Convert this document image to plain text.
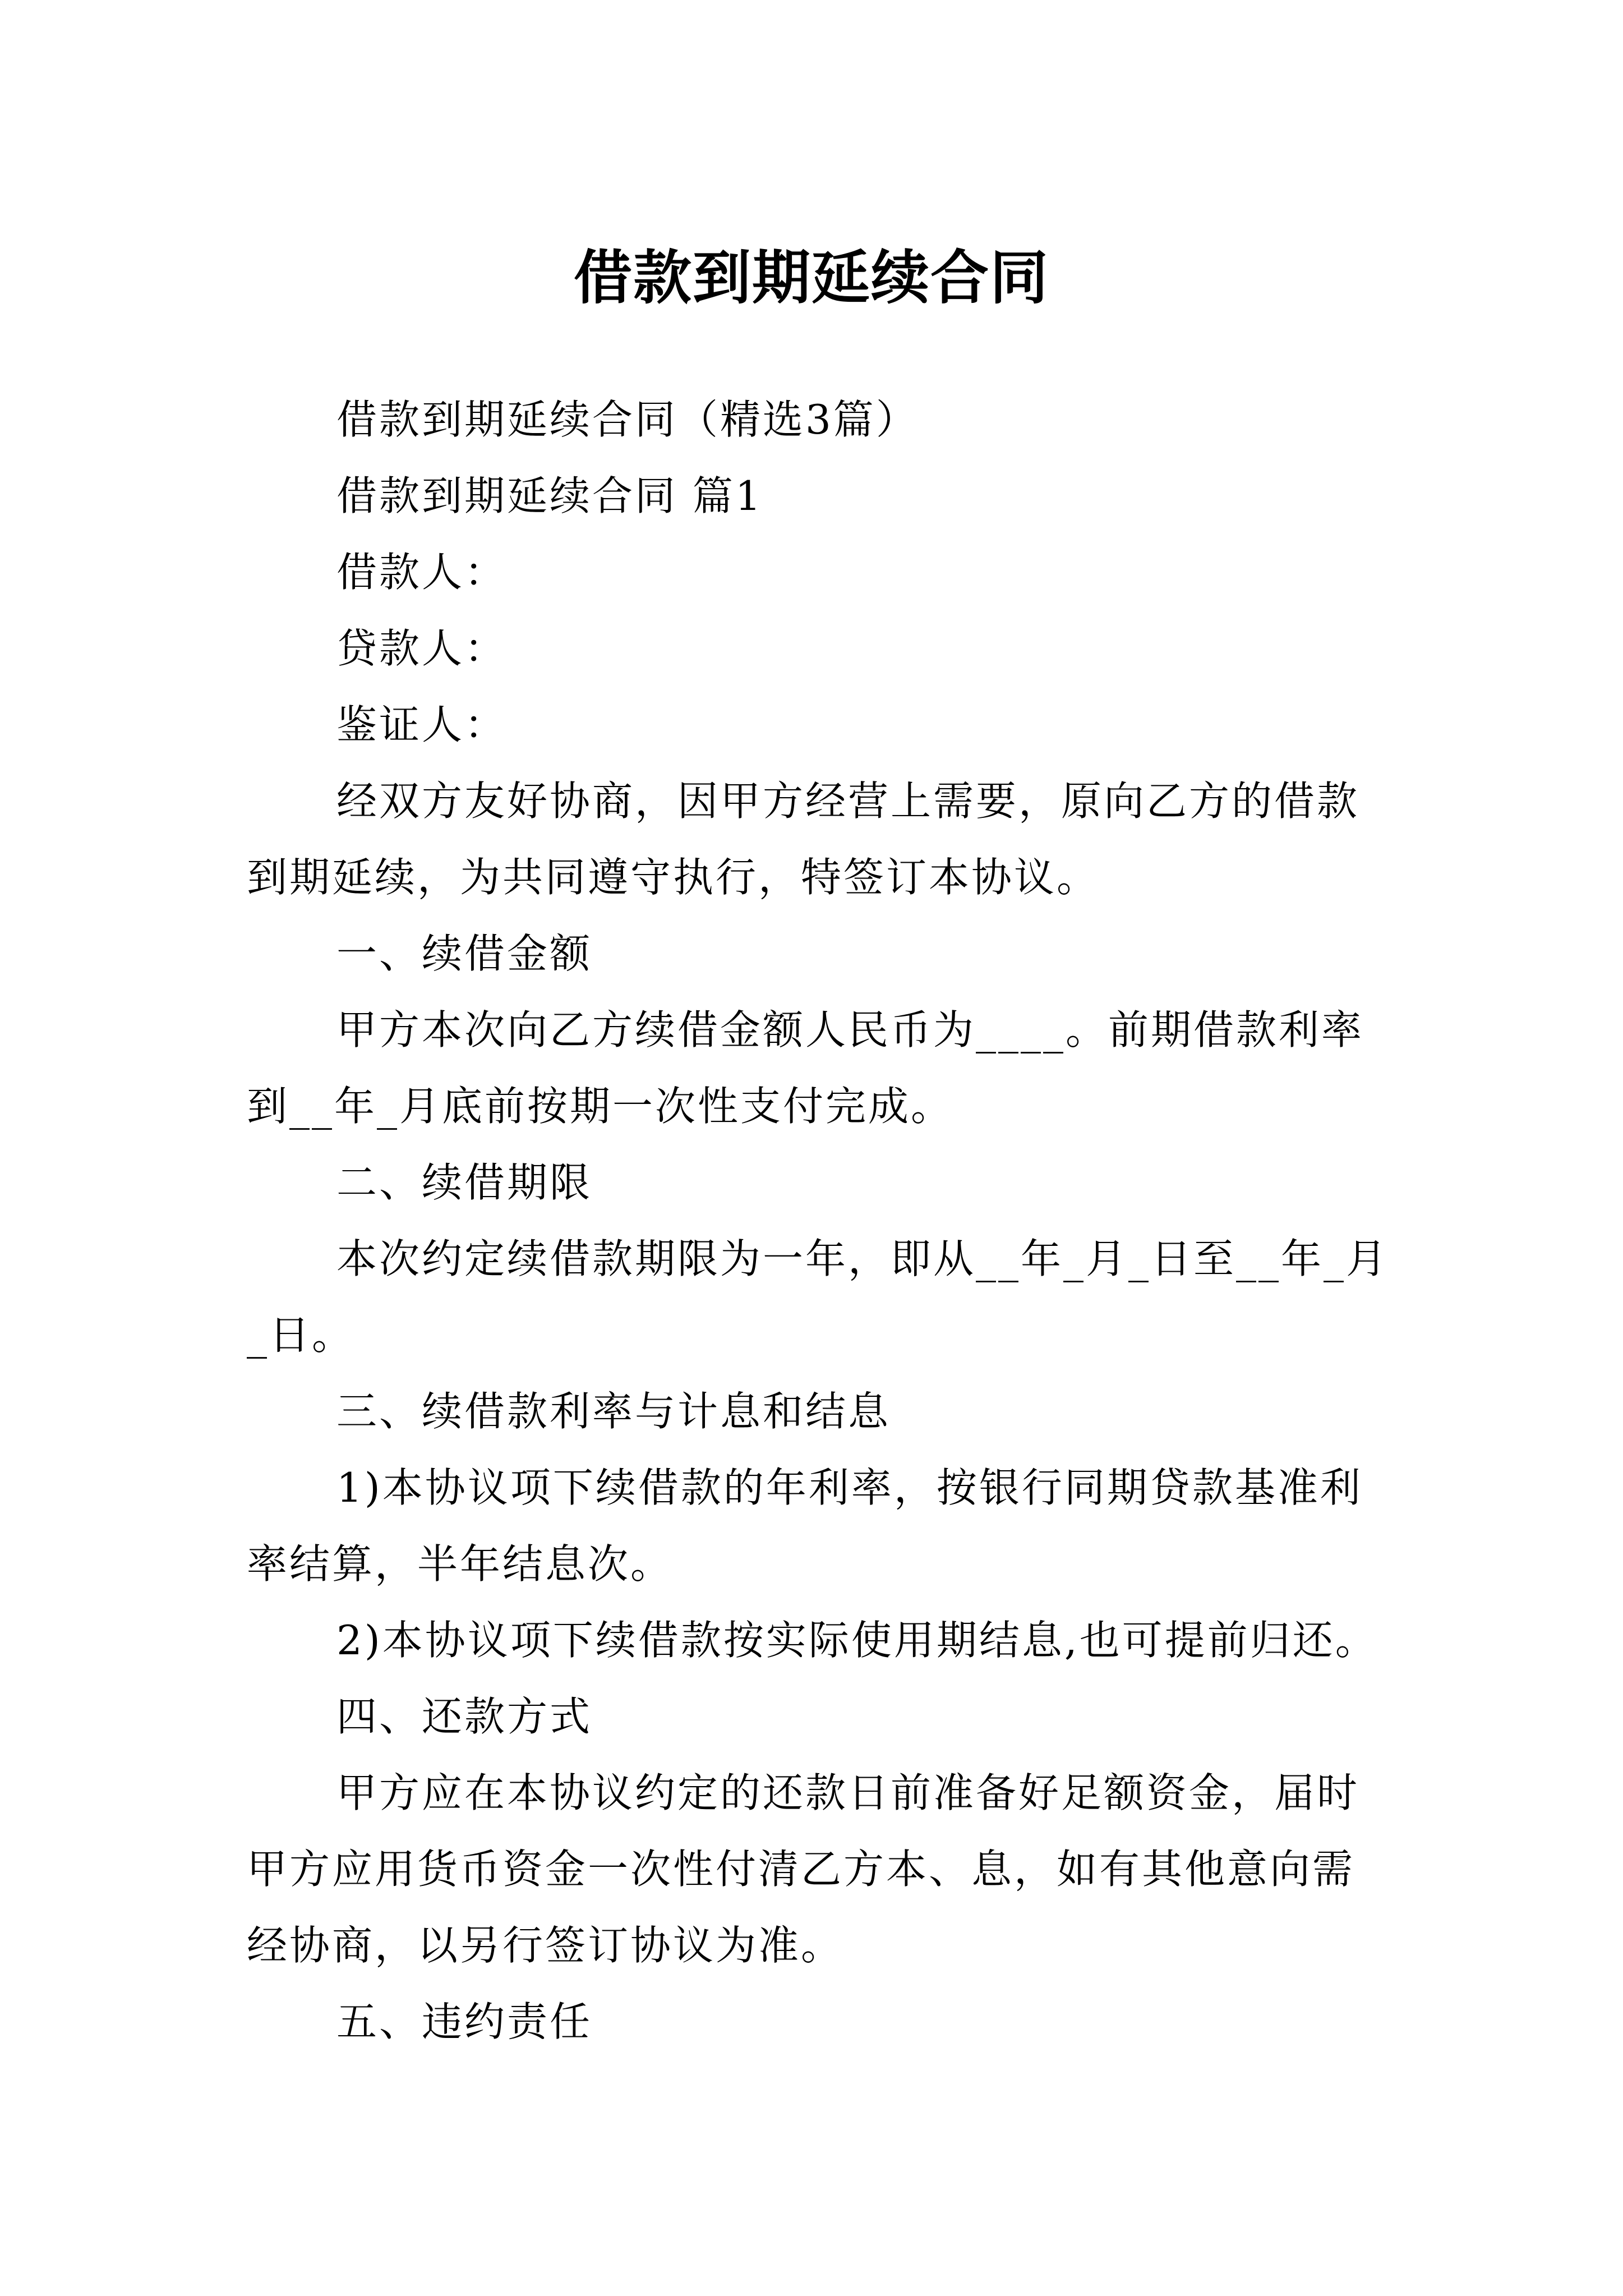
借款到期延续合同

借款到期延续合同（精选3篇）

借款到期延续合同 篇1

借款人：

贷款人：

鉴证人：

经双方友好协商，因甲方经营上需要，原向乙方的借款到期延续，为共同遵守执行，特签订本协议。

一、续借金额

甲方本次向乙方续借金额人民币为____。前期借款利率到__年_月底前按期一次性支付完成。

二、续借期限

本次约定续借款期限为一年，即从__年_月_日至__年_月_日。

三、续借款利率与计息和结息

1)本协议项下续借款的年利率，按银行同期贷款基准利率结算，半年结息次。

2)本协议项下续借款按实际使用期结息,也可提前归还。

四、还款方式

甲方应在本协议约定的还款日前准备好足额资金，届时甲方应用货币资金一次性付清乙方本、息，如有其他意向需经协商，以另行签订协议为准。

五、违约责任
